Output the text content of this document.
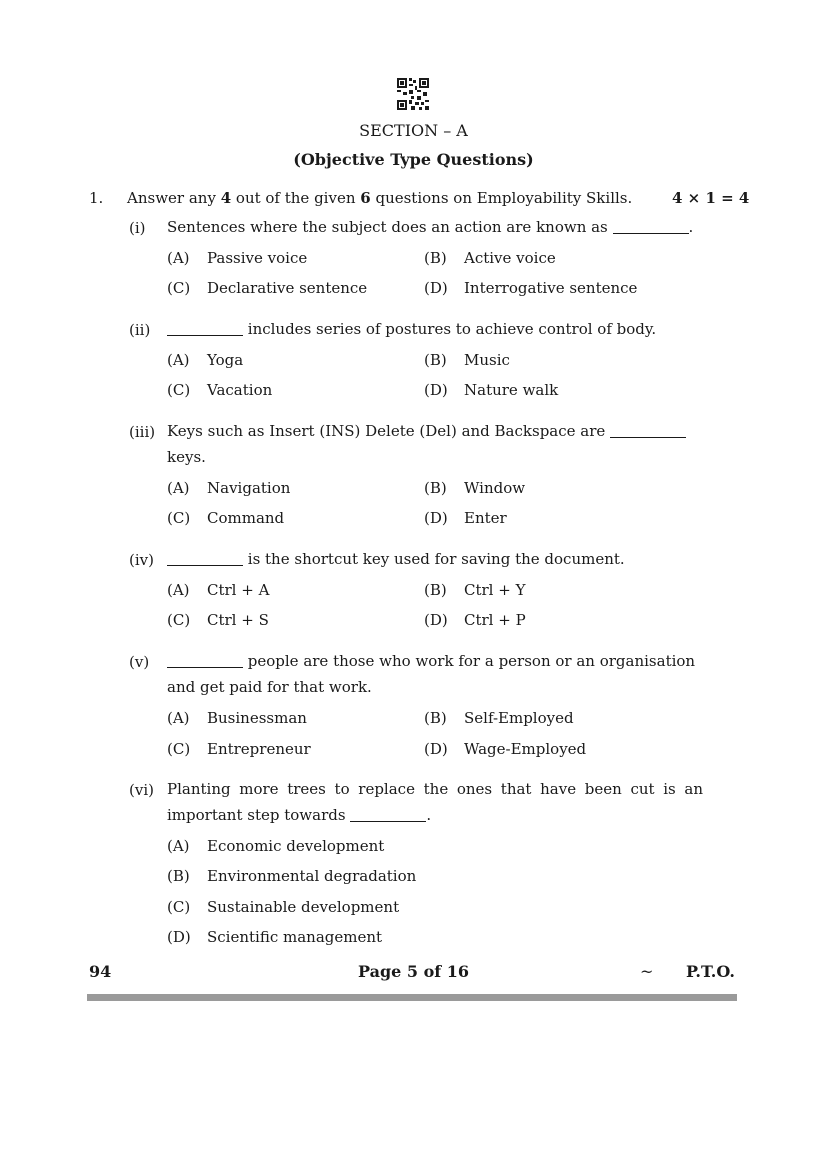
SECTION – A
(Objective Type Questions)
1. Answer any 4 out of the given 6 questions on Employability Skills.	4 × 1 = 4
(i) Sentences where the subject does an action are known as	.
(A) Passive voice	(B) Active voice
(C) Declarative sentence	(D) Interrogative sentence
(ii)	includes series of postures to achieve control of body.
(A) Yoga	(B) Music
(C) Vacation	(D) Nature walk
(iii) Keys such as Insert (INS) Delete (Del) and Backspace are
keys.
(A) Navigation	(B) Window
(C) Command	(D) Enter
(iv)	is the shortcut key used for saving the document.
(A) Ctrl + A	(B) Ctrl + Y
(C) Ctrl + S	(D) Ctrl + P
(v)	people are those who work for a person or an organisation
and get paid for that work.
(A) Businessman	(B) Self-Employed
(C) Entrepreneur	(D) Wage-Employed
(vi) Planting more trees to replace the ones that have been cut is an
important step towards	.
(A) Economic development
(B) Environmental degradation
(C) Sustainable development
(D) Scientific management
94	Page 5 of 16	~ P.T.O.
